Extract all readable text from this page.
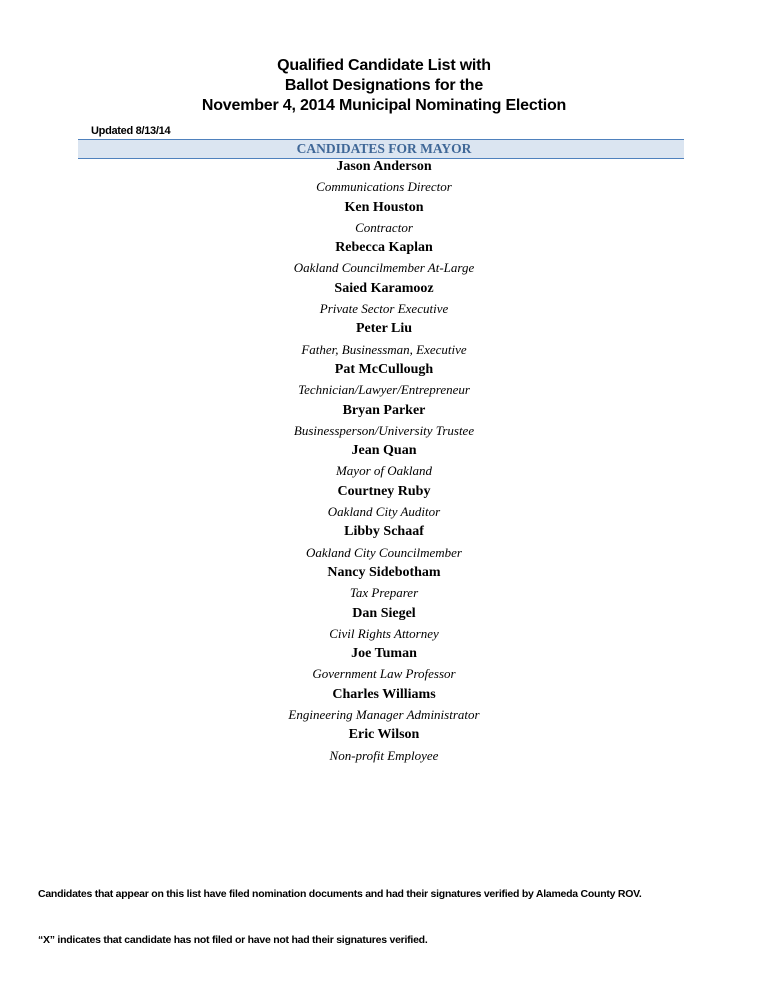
Qualified Candidate List with
Ballot Designations for the
November 4, 2014 Municipal Nominating Election
Updated 8/13/14
CANDIDATES FOR MAYOR
Jason Anderson
Communications Director
Ken Houston
Contractor
Rebecca Kaplan
Oakland Councilmember At-Large
Saied Karamooz
Private Sector Executive
Peter Liu
Father, Businessman, Executive
Pat McCullough
Technician/Lawyer/Entrepreneur
Bryan Parker
Businessperson/University Trustee
Jean Quan
Mayor of Oakland
Courtney Ruby
Oakland City Auditor
Libby Schaaf
Oakland City Councilmember
Nancy Sidebotham
Tax Preparer
Dan Siegel
Civil Rights Attorney
Joe Tuman
Government Law Professor
Charles Williams
Engineering Manager Administrator
Eric Wilson
Non-profit Employee
Candidates that appear on this list have filed nomination documents and had their signatures verified by Alameda County ROV.
“X” indicates that candidate has not filed or have not had their signatures verified.
